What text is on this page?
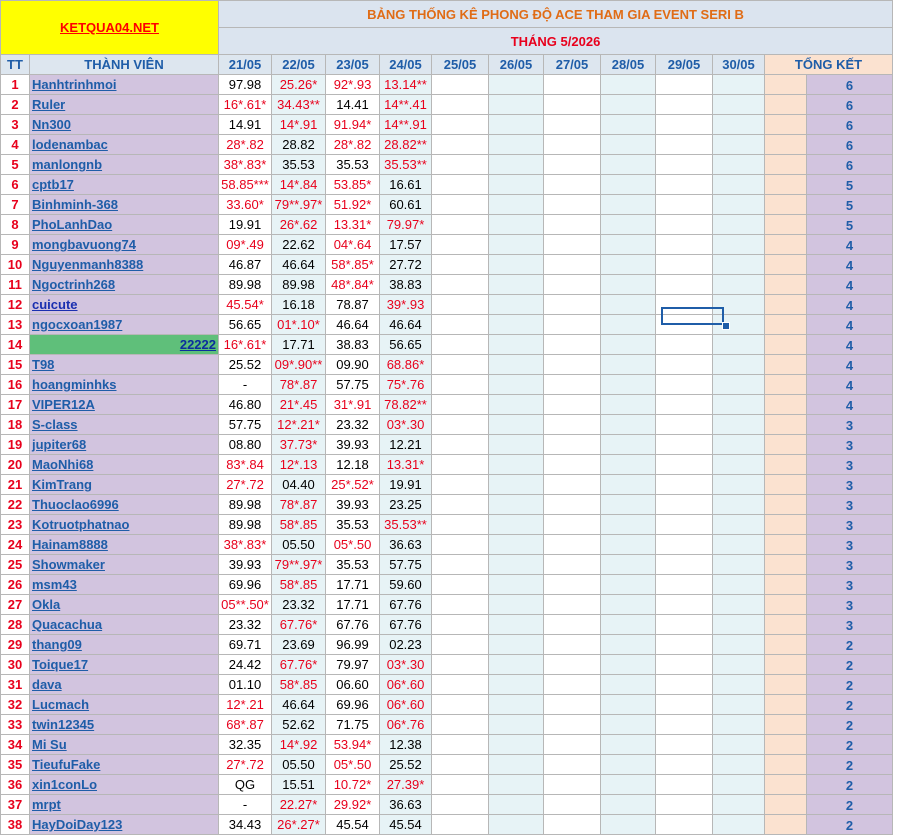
KETQUA04.NET		BẢNG THỐNG KÊ PHONG ĐỘ ACE THAM GIA EVENT SERI B											
		THÁNG 5/2026											
TT	THÀNH VIÊN	21/05	22/05	23/05	24/05	25/05	26/05	27/05	28/05	29/05	30/05	TỔNG KẾT	
1	Hanhtrinhmoi	97.98	25.26*	92*.93	13.14**								6
2	Ruler	16*.61*	34.43**	14.41	14**.41								6
3	Nn300	14.91	14*.91	91.94*	14**.91								6
4	lodenambac	28*.82	28.82	28*.82	28.82**								6
5	manlongnb	38*.83*	35.53	35.53	35.53**								6
6	cptb17	58.85***	14*.84	53.85*	16.61								5
7	Binhminh-368	33.60*	79**.97*	51.92*	60.61								5
8	PhoLanhDao	19.91	26*.62	13.31*	79.97*								5
9	mongbavuong74	09*.49	22.62	04*.64	17.57								4
10	Nguyenmanh8388	46.87	46.64	58*.85*	27.72								4
11	Ngoctrinh268	89.98	89.98	48*.84*	38.83								4
12	cuicute	45.54*	16.18	78.87	39*.93								4
13	ngocxoan1987	56.65	01*.10*	46.64	46.64								4
14	22222	16*.61*	17.71	38.83	56.65								4
15	T98	25.52	09*.90**	09.90	68.86*								4
16	hoangminhks	-	78*.87	57.75	75*.76								4
17	VIPER12A	46.80	21*.45	31*.91	78.82**								4
18	S-class	57.75	12*.21*	23.32	03*.30								3
19	jupiter68	08.80	37.73*	39.93	12.21								3
20	MaoNhi68	83*.84	12*.13	12.18	13.31*								3
21	KimTrang	27*.72	04.40	25*.52*	19.91								3
22	Thuoclao6996	89.98	78*.87	39.93	23.25								3
23	Kotruotphatnao	89.98	58*.85	35.53	35.53**								3
24	Hainam8888	38*.83*	05.50	05*.50	36.63								3
25	Showmaker	39.93	79**.97*	35.53	57.75								3
26	msm43	69.96	58*.85	17.71	59.60								3
27	Okla	05**.50*	23.32	17.71	67.76								3
28	Quacachua	23.32	67.76*	67.76	67.76								3
29	thang09	69.71	23.69	96.99	02.23								2
30	Toique17	24.42	67.76*	79.97	03*.30								2
31	dava	01.10	58*.85	06.60	06*.60								2
32	Lucmach	12*.21	46.64	69.96	06*.60								2
33	twin12345	68*.87	52.62	71.75	06*.76								2
34	Mi Su	32.35	14*.92	53.94*	12.38								2
35	TieufuFake	27*.72	05.50	05*.50	25.52								2
36	xin1conLo	QG	15.51	10.72*	27.39*								2
37	mrpt	-	22.27*	29.92*	36.63								2
38	HayDoiDay123	34.43	26*.27*	45.54	45.54								2
